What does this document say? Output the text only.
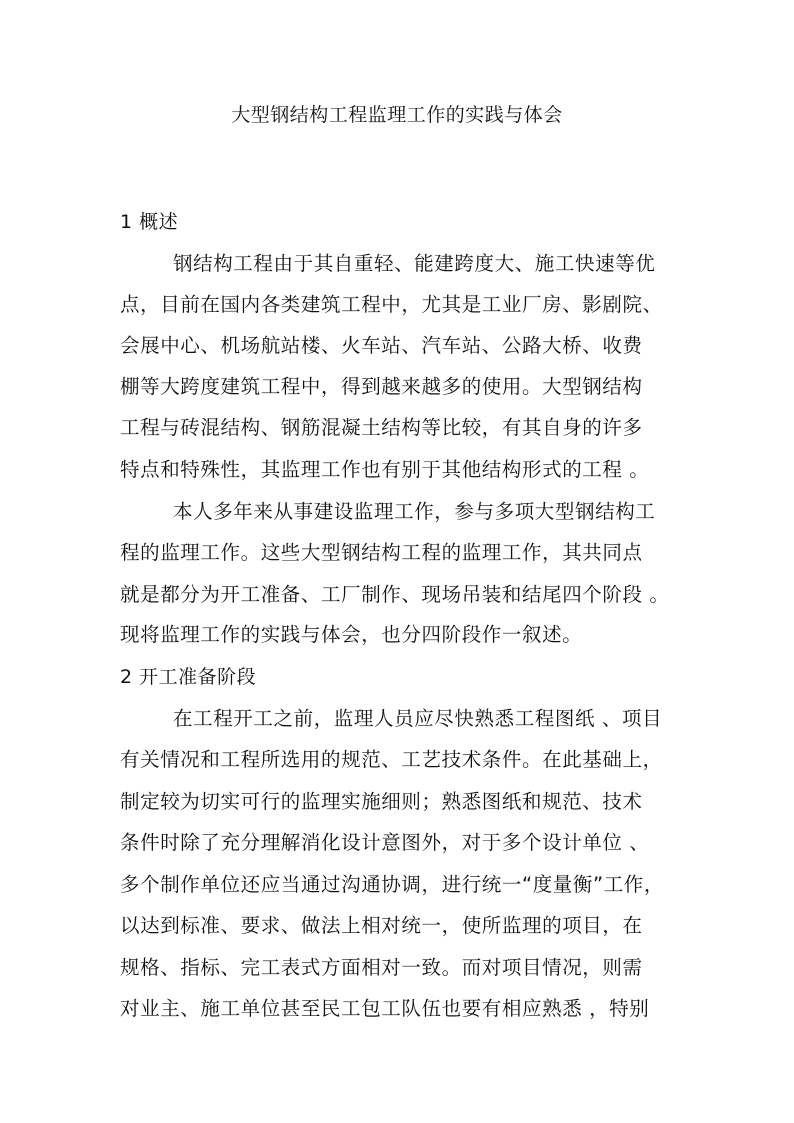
大型钢结构工程监理工作的实践与体会
1 概述
钢结构工程由于其自重轻、能建跨度大、施工快速等优
点，目前在国内各类建筑工程中，尤其是工业厂房、影剧院、
会展中心、机场航站楼、火车站、汽车站、公路大桥、收费
棚等大跨度建筑工程中，得到越来越多的使用。大型钢结构
工程与砖混结构、钢筋混凝土结构等比较，有其自身的许多
特点和特殊性，其监理工作也有别于其他结构形式的工程 。
本人多年来从事建设监理工作，参与多项大型钢结构工
程的监理工作。这些大型钢结构工程的监理工作，其共同点
就是都分为开工准备、工厂制作、现场吊装和结尾四个阶段 。
现将监理工作的实践与体会，也分四阶段作一叙述。
2 开工准备阶段
在工程开工之前，监理人员应尽快熟悉工程图纸 、项目
有关情况和工程所选用的规范、工艺技术条件。在此基础上，
制定较为切实可行的监理实施细则；熟悉图纸和规范、技术
条件时除了充分理解消化设计意图外，对于多个设计单位 、
多个制作单位还应当通过沟通协调，进行统一“度量衡”工作，
以达到标准、要求、做法上相对统一，使所监理的项目，在
规格、指标、完工表式方面相对一致。而对项目情况，则需
对业主、施工单位甚至民工包工队伍也要有相应熟悉 ，特别
